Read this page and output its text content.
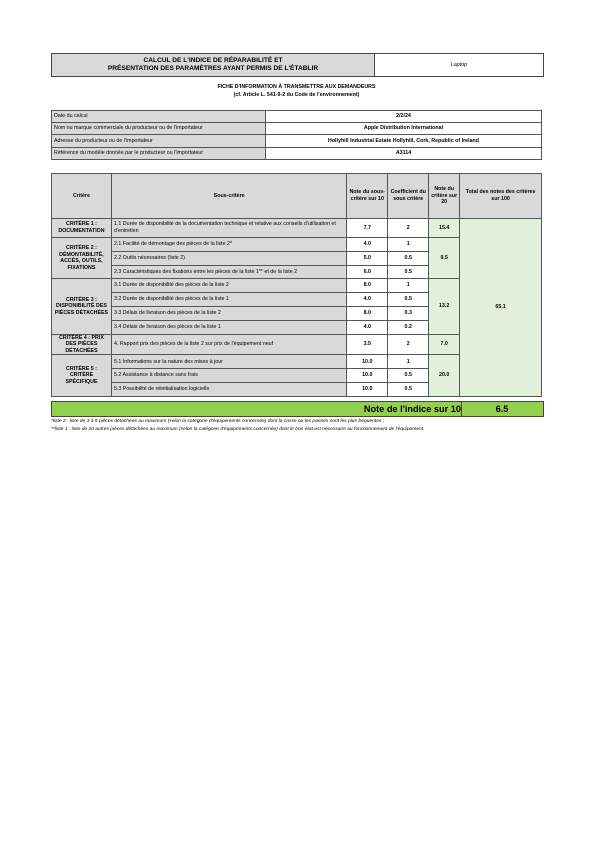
CALCUL DE L'INDICE DE RÉPARABILITÉ ET
PRÉSENTATION DES PARAMÈTRES AYANT PERMIS DE L'ÉTABLIR	Laptop
FICHE D'INFORMATION À TRANSMETTRE AUX DEMANDEURS
(cf. Article L. 541-9-2 du Code de l'environnement)
Date du calcul	2/2/24
Nom ou marque commerciale du producteur ou de l'importateur	Apple Distribution International
Adresse du producteur ou de l'importateur	Hollyhill Industrial Estate Hollyhill, Cork, Republic of Ireland
Référence du modèle donnée par le producteur ou l'importateur	A3114
Critère	Sous-critère	Note du sous-critère sur 10	Coefficient du sous critère	Note du critère sur 20	Total des notes des critères sur 100
CRITÈRE 1 : DOCUMENTATION	1.1 Durée de disponibilité de la documentation technique et relative aux conseils d'utilisation et d'entretien	7.7	2	15.4	65.1
CRITÈRE 2 : DÉMONTABILITÉ, ACCÈS, OUTILS, FIXATIONS	2.1 Facilité de démontage des pièces de la liste 2*	4.0	1	9.5	
	2.2 Outils nécessaires (liste 2)	5.0	0.5		
	2.3 Caractéristiques des fixations entre les pièces de la liste 1** et de la liste 2	6.0	0.5		
CRITÈRE 3 : DISPONIBILITÉ DES PIÈCES DÉTACHÉES	3.1 Durée de disponibilité des pièces de la liste 2	8.0	1	13.2	
	3.2 Durée de disponibilité des pièces de la liste 1	4.0	0.5		
	3.3 Délais de livraison des pièces de la liste 2	8.0	0.3		
	3.4 Délais de livraison des pièces de la liste 1	4.0	0.2		
CRITÈRE 4 : PRIX DES PIÈCES DÉTACHÉES	4. Rapport prix des pièces de la liste 2 sur prix de l'équipement neuf	3.5	2	7.0	
CRITÈRE 5 : CRITÈRE SPÉCIFIQUE	5.1 Informations sur la nature des mises à jour	10.0	1	20.0	
	5.2 Assistance à distance sans frais	10.0	0.5		
	5.3 Possibilité de réinitialisation logicielle	10.0	0.5		
Note de l'indice sur 10	6.5
*liste 2 : liste de 3 à 5 pièces détachées au maximum (selon la catégorie d'équipements concernée) dont la casse ou les pannes sont les plus fréquentes ;
**liste 1 : liste de 10 autres pièces détachées au maximum (selon la catégorie d'équipements concernée) dont le bon état est nécessaire au fonctionnement de l'équipement.
